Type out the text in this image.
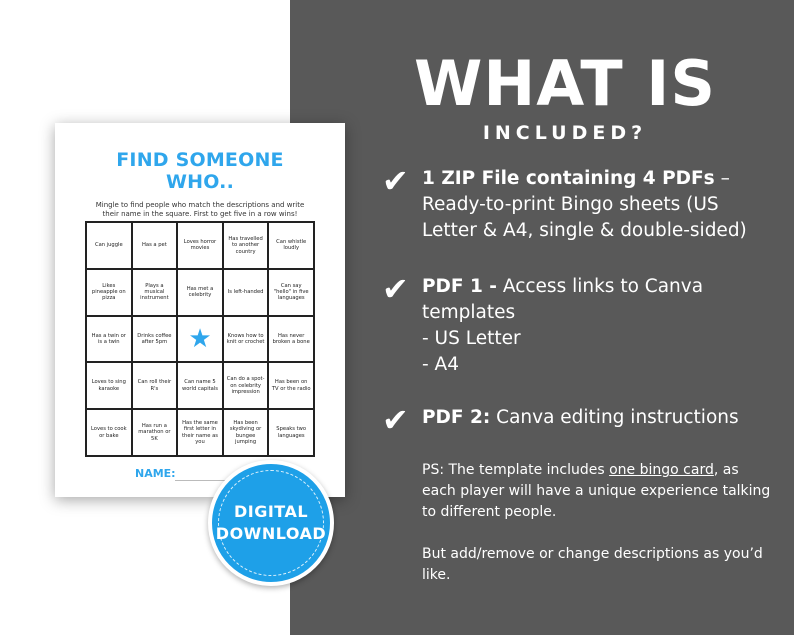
FIND SOMEONE
WHO..
Mingle to find people who match the descriptions and write their name in the square. First to get five in a row wins!
Can juggle	Has a pet
Loves horror movies
Has travelled to another country
Can whistle loudly
Likes pineapple on pizza
Plays a musical instrument
Has met a celebrity
Is left-handed
Can say "hello" in five languages
Has a twin or is a twin
Drinks coffee after 5pm ★	Knows how to knit or crochet
Has never broken a bone
Loves to sing karaoke
Can roll their R's
Can name 5 world capitals
Can do a spot-on celebrity impression
Has been on TV or the radio
Loves to cook or bake
Has run a marathon or 5K
Has the same first letter in their name as you
Has been skydiving or bungee jumping
Speaks two languages
NAME:
DIGITAL
DOWNLOAD
WHAT IS
INCLUDED?
✔ 1 ZIP File containing 4 PDFs – Ready-to-print Bingo sheets (US Letter & A4, single & double-sided)
✔ PDF 1 - Access links to Canva templates
- US Letter
- A4
✔ PDF 2: Canva editing instructions
PS: The template includes one bingo card, as each player will have a unique experience talking to different people.
But add/remove or change descriptions as you’d like.
